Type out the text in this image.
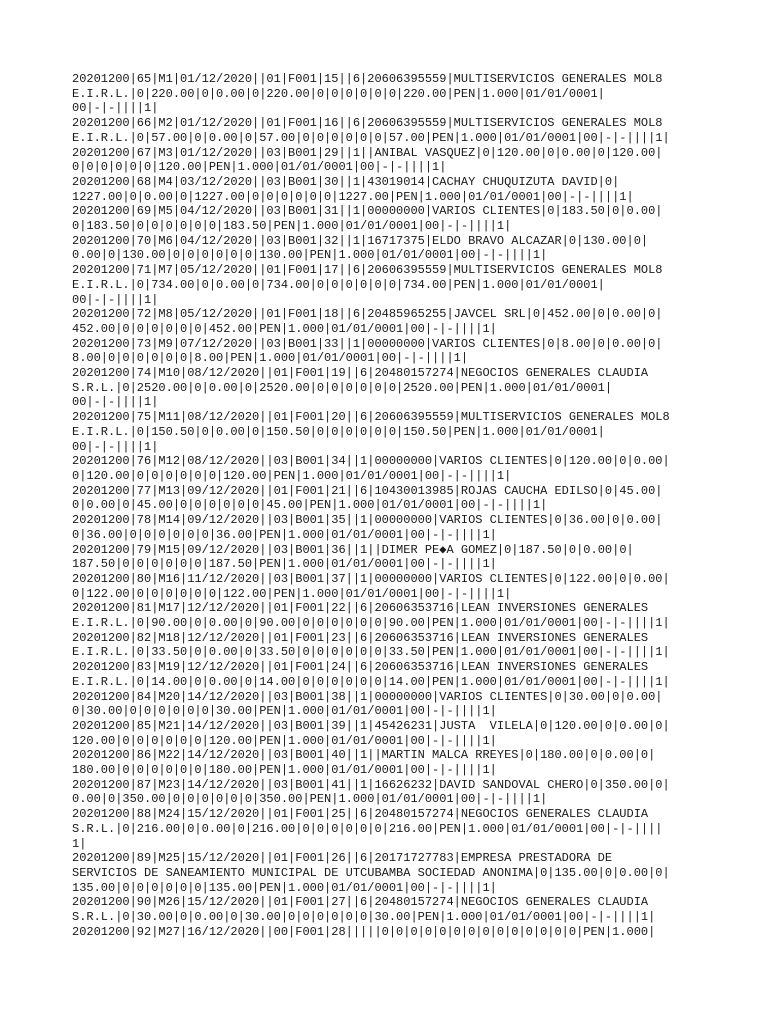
20201200|65|M1|01/12/2020||01|F001|15||6|20606395559|MULTISERVICIOS GENERALES MOL8
E.I.R.L.|0|220.00|0|0.00|0|220.00|0|0|0|0|0|0|220.00|PEN|1.000|01/01/0001|
00|-|-||||1|
20201200|66|M2|01/12/2020||01|F001|16||6|20606395559|MULTISERVICIOS GENERALES MOL8
E.I.R.L.|0|57.00|0|0.00|0|57.00|0|0|0|0|0|0|57.00|PEN|1.000|01/01/0001|00|-|-||||1|
20201200|67|M3|01/12/2020||03|B001|29||1||ANIBAL VASQUEZ|0|120.00|0|0.00|0|120.00|
0|0|0|0|0|0|120.00|PEN|1.000|01/01/0001|00|-|-||||1|
20201200|68|M4|03/12/2020||03|B001|30||1|43019014|CACHAY CHUQUIZUTA DAVID|0|
1227.00|0|0.00|0|1227.00|0|0|0|0|0|0|1227.00|PEN|1.000|01/01/0001|00|-|-||||1|
20201200|69|M5|04/12/2020||03|B001|31||1|00000000|VARIOS CLIENTES|0|183.50|0|0.00|
0|183.50|0|0|0|0|0|0|183.50|PEN|1.000|01/01/0001|00|-|-||||1|
20201200|70|M6|04/12/2020||03|B001|32||1|16717375|ELDO BRAVO ALCAZAR|0|130.00|0|
0.00|0|130.00|0|0|0|0|0|0|130.00|PEN|1.000|01/01/0001|00|-|-||||1|
20201200|71|M7|05/12/2020||01|F001|17||6|20606395559|MULTISERVICIOS GENERALES MOL8
E.I.R.L.|0|734.00|0|0.00|0|734.00|0|0|0|0|0|0|734.00|PEN|1.000|01/01/0001|
00|-|-||||1|
20201200|72|M8|05/12/2020||01|F001|18||6|20485965255|JAVCEL SRL|0|452.00|0|0.00|0|
452.00|0|0|0|0|0|0|452.00|PEN|1.000|01/01/0001|00|-|-||||1|
20201200|73|M9|07/12/2020||03|B001|33||1|00000000|VARIOS CLIENTES|0|8.00|0|0.00|0|
8.00|0|0|0|0|0|0|8.00|PEN|1.000|01/01/0001|00|-|-||||1|
20201200|74|M10|08/12/2020||01|F001|19||6|20480157274|NEGOCIOS GENERALES CLAUDIA
S.R.L.|0|2520.00|0|0.00|0|2520.00|0|0|0|0|0|0|2520.00|PEN|1.000|01/01/0001|
00|-|-||||1|
20201200|75|M11|08/12/2020||01|F001|20||6|20606395559|MULTISERVICIOS GENERALES MOL8
E.I.R.L.|0|150.50|0|0.00|0|150.50|0|0|0|0|0|0|150.50|PEN|1.000|01/01/0001|
00|-|-||||1|
20201200|76|M12|08/12/2020||03|B001|34||1|00000000|VARIOS CLIENTES|0|120.00|0|0.00|
0|120.00|0|0|0|0|0|0|120.00|PEN|1.000|01/01/0001|00|-|-||||1|
20201200|77|M13|09/12/2020||01|F001|21||6|10430013985|ROJAS CAUCHA EDILSO|0|45.00|
0|0.00|0|45.00|0|0|0|0|0|0|45.00|PEN|1.000|01/01/0001|00|-|-||||1|
20201200|78|M14|09/12/2020||03|B001|35||1|00000000|VARIOS CLIENTES|0|36.00|0|0.00|
0|36.00|0|0|0|0|0|0|36.00|PEN|1.000|01/01/0001|00|-|-||||1|
20201200|79|M15|09/12/2020||03|B001|36||1||DIMER PE◆A GOMEZ|0|187.50|0|0.00|0|
187.50|0|0|0|0|0|0|187.50|PEN|1.000|01/01/0001|00|-|-||||1|
20201200|80|M16|11/12/2020||03|B001|37||1|00000000|VARIOS CLIENTES|0|122.00|0|0.00|
0|122.00|0|0|0|0|0|0|122.00|PEN|1.000|01/01/0001|00|-|-||||1|
20201200|81|M17|12/12/2020||01|F001|22||6|20606353716|LEAN INVERSIONES GENERALES
E.I.R.L.|0|90.00|0|0.00|0|90.00|0|0|0|0|0|0|90.00|PEN|1.000|01/01/0001|00|-|-||||1|
20201200|82|M18|12/12/2020||01|F001|23||6|20606353716|LEAN INVERSIONES GENERALES
E.I.R.L.|0|33.50|0|0.00|0|33.50|0|0|0|0|0|0|33.50|PEN|1.000|01/01/0001|00|-|-||||1|
20201200|83|M19|12/12/2020||01|F001|24||6|20606353716|LEAN INVERSIONES GENERALES
E.I.R.L.|0|14.00|0|0.00|0|14.00|0|0|0|0|0|0|14.00|PEN|1.000|01/01/0001|00|-|-||||1|
20201200|84|M20|14/12/2020||03|B001|38||1|00000000|VARIOS CLIENTES|0|30.00|0|0.00|
0|30.00|0|0|0|0|0|0|30.00|PEN|1.000|01/01/0001|00|-|-||||1|
20201200|85|M21|14/12/2020||03|B001|39||1|45426231|JUSTA  VILELA|0|120.00|0|0.00|0|
120.00|0|0|0|0|0|0|120.00|PEN|1.000|01/01/0001|00|-|-||||1|
20201200|86|M22|14/12/2020||03|B001|40||1||MARTIN MALCA RREYES|0|180.00|0|0.00|0|
180.00|0|0|0|0|0|0|180.00|PEN|1.000|01/01/0001|00|-|-||||1|
20201200|87|M23|14/12/2020||03|B001|41||1|16626232|DAVID SANDOVAL CHERO|0|350.00|0|
0.00|0|350.00|0|0|0|0|0|0|350.00|PEN|1.000|01/01/0001|00|-|-||||1|
20201200|88|M24|15/12/2020||01|F001|25||6|20480157274|NEGOCIOS GENERALES CLAUDIA
S.R.L.|0|216.00|0|0.00|0|216.00|0|0|0|0|0|0|216.00|PEN|1.000|01/01/0001|00|-|-||||
1|
20201200|89|M25|15/12/2020||01|F001|26||6|20171727783|EMPRESA PRESTADORA DE
SERVICIOS DE SANEAMIENTO MUNICIPAL DE UTCUBAMBA SOCIEDAD ANONIMA|0|135.00|0|0.00|0|
135.00|0|0|0|0|0|0|135.00|PEN|1.000|01/01/0001|00|-|-||||1|
20201200|90|M26|15/12/2020||01|F001|27||6|20480157274|NEGOCIOS GENERALES CLAUDIA
S.R.L.|0|30.00|0|0.00|0|30.00|0|0|0|0|0|0|30.00|PEN|1.000|01/01/0001|00|-|-||||1|
20201200|92|M27|16/12/2020||00|F001|28|||||0|0|0|0|0|0|0|0|0|0|0|0|0|0|PEN|1.000|
